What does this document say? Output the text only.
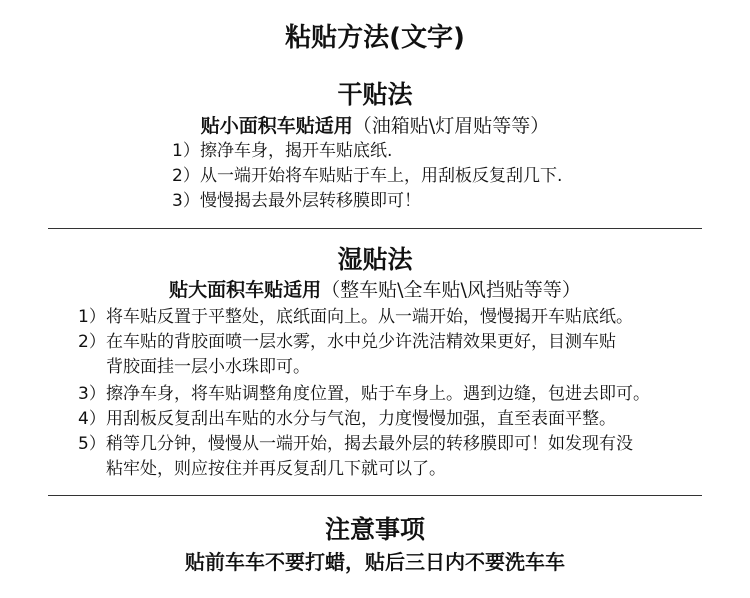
粘贴方法(文字)
干贴法
贴小面积车贴适用（油箱贴\灯眉贴等等）
1） 擦净车身，揭开车贴底纸.
2） 从一端开始将车贴贴于车上，用刮板反复刮几下.
3） 慢慢揭去最外层转移膜即可！
湿贴法
贴大面积车贴适用（整车贴\全车贴\风挡贴等等）
1） 将车贴反置于平整处，底纸面向上。从一端开始，慢慢揭开车贴底纸。
2） 在车贴的背胶面喷一层水雾，水中兑少许洗洁精效果更好，目测车贴
背胶面挂一层小水珠即可。
3） 擦净车身，将车贴调整角度位置，贴于车身上。遇到边缝，包进去即可。
4） 用刮板反复刮出车贴的水分与气泡，力度慢慢加强，直至表面平整。
5） 稍等几分钟，慢慢从一端开始，揭去最外层的转移膜即可！如发现有没
粘牢处，则应按住并再反复刮几下就可以了。
注意事项
贴前车车不要打蜡，贴后三日内不要洗车车
